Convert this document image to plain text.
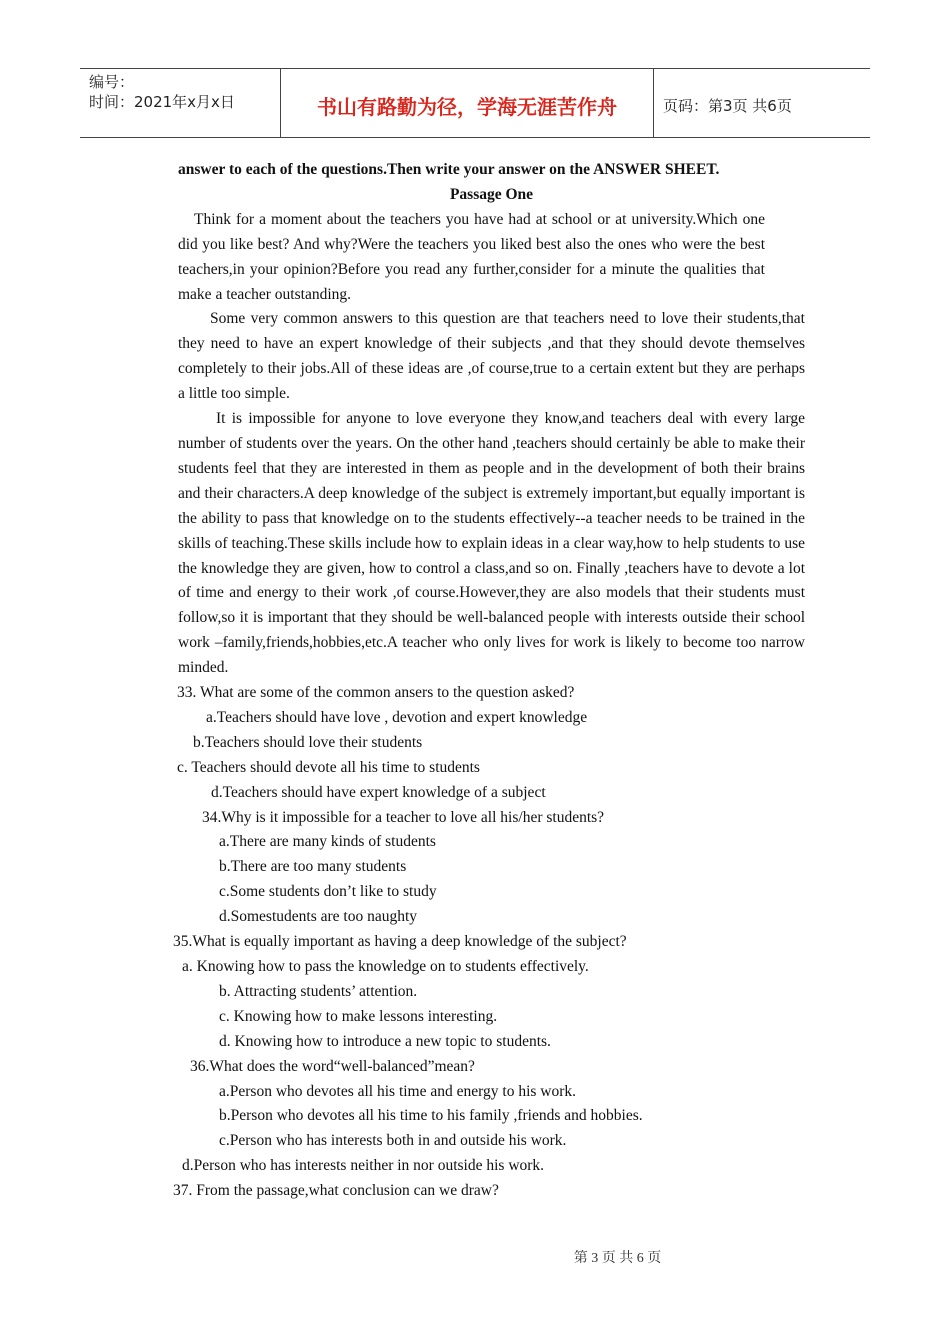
编号：
时间：2021年x月x日	书山有路勤为径，学海无涯苦作舟	页码：第3页 共6页

answer to each of the questions.Then write your answer on the ANSWER SHEET.

Passage One

Think for a moment about the teachers you have had at school or at university.Which one did you like best? And why?Were the teachers you liked best also the ones who were the best teachers,in your opinion?Before you read any further,consider for a minute the qualities that make a teacher outstanding.

Some very common answers to this question are that teachers need to love their students,that they need to have an expert knowledge of their subjects ,and that they should devote themselves completely to their jobs.All of these ideas are ,of course,true to a certain extent but they are perhaps a little too simple.

It is impossible for anyone to love everyone they know,and teachers deal with every large number of students over the years. On the other hand ,teachers should certainly be able to make their students feel that they are interested in them as people and in the development of both their brains and their characters.A deep knowledge of the subject is extremely important,but equally important is the ability to pass that knowledge on to the students effectively--a teacher needs to be trained in the skills of teaching.These skills include how to explain ideas in a clear way,how to help students to use the knowledge they are given, how to control a class,and so on. Finally ,teachers have to devote a lot of time and energy to their work ,of course.However,they are also models that their students must follow,so it is important that they should be well-balanced people with interests outside their school work –family,friends,hobbies,etc.A teacher who only lives for work is likely to become too narrow minded.

33. What are some of the common ansers to the question asked?

a.Teachers should have love , devotion and expert knowledge

b.Teachers should love their students

c. Teachers should devote all his time to students

d.Teachers should have expert knowledge of a subject

34.Why is it impossible for a teacher to love all his/her students?

a.There are many kinds of students

b.There are too many students

c.Some students don’t like to study

d.Somestudents are too naughty

35.What is equally important as having a deep knowledge of the subject?

a. Knowing how to pass the knowledge on to students effectively.

b. Attracting students’ attention.

c. Knowing how to make lessons interesting.

d. Knowing how to introduce a new topic to students.

36.What does the word“well-balanced”mean?

a.Person who devotes all his time and energy to his work.

b.Person who devotes all his time to his family ,friends and hobbies.

c.Person who has interests both in and outside his work.

d.Person who has interests neither in nor outside his work.

37. From the passage,what conclusion can we draw?

第 3 页 共 6 页
